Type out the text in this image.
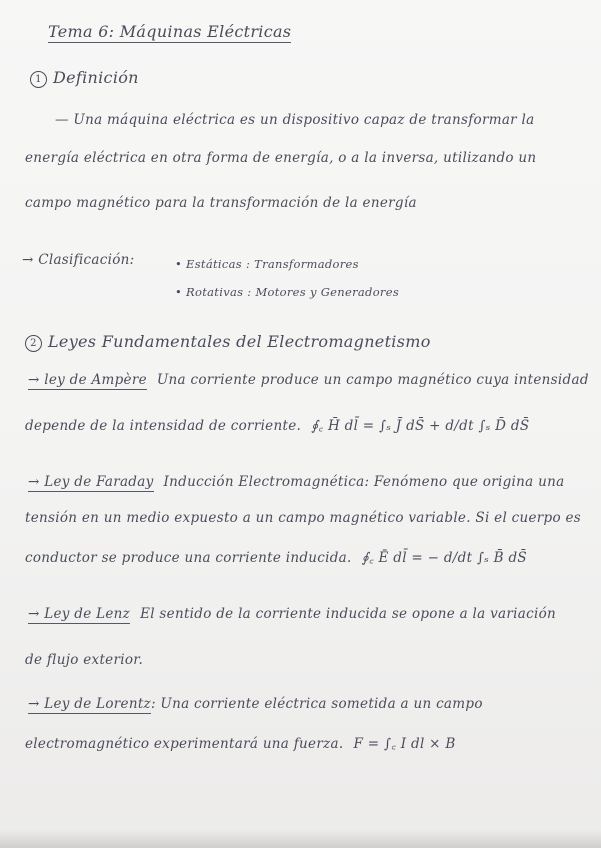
Tema 6: Máquinas Eléctricas
1 Definición
— Una máquina eléctrica es un dispositivo capaz de transformar la
energía eléctrica en otra forma de energía, o a la inversa, utilizando un
campo magnético para la transformación de la energía
→ Clasificación:	• Estáticas : Transformadores
• Rotativas : Motores y Generadores
2 Leyes Fundamentales del Electromagnetismo
→ ley de Ampère Una corriente produce un campo magnético cuya intensidad
depende de la intensidad de corriente. ∮꜀ H̄ dl̄ = ∫ₛ J̄ dS̄ + d/dt ∫ₛ D̄ dS̄
→ Ley de Faraday Inducción Electromagnética: Fenómeno que origina una
tensión en un medio expuesto a un campo magnético variable. Si el cuerpo es
conductor se produce una corriente inducida. ∮꜀ Ē dl̄ = − d/dt ∫ₛ B̄ dS̄
→ Ley de Lenz El sentido de la corriente inducida se opone a la variación
de flujo exterior.
→ Ley de Lorentz: Una corriente eléctrica sometida a un campo
electromagnético experimentará una fuerza. F = ∫꜀ I dl × B
